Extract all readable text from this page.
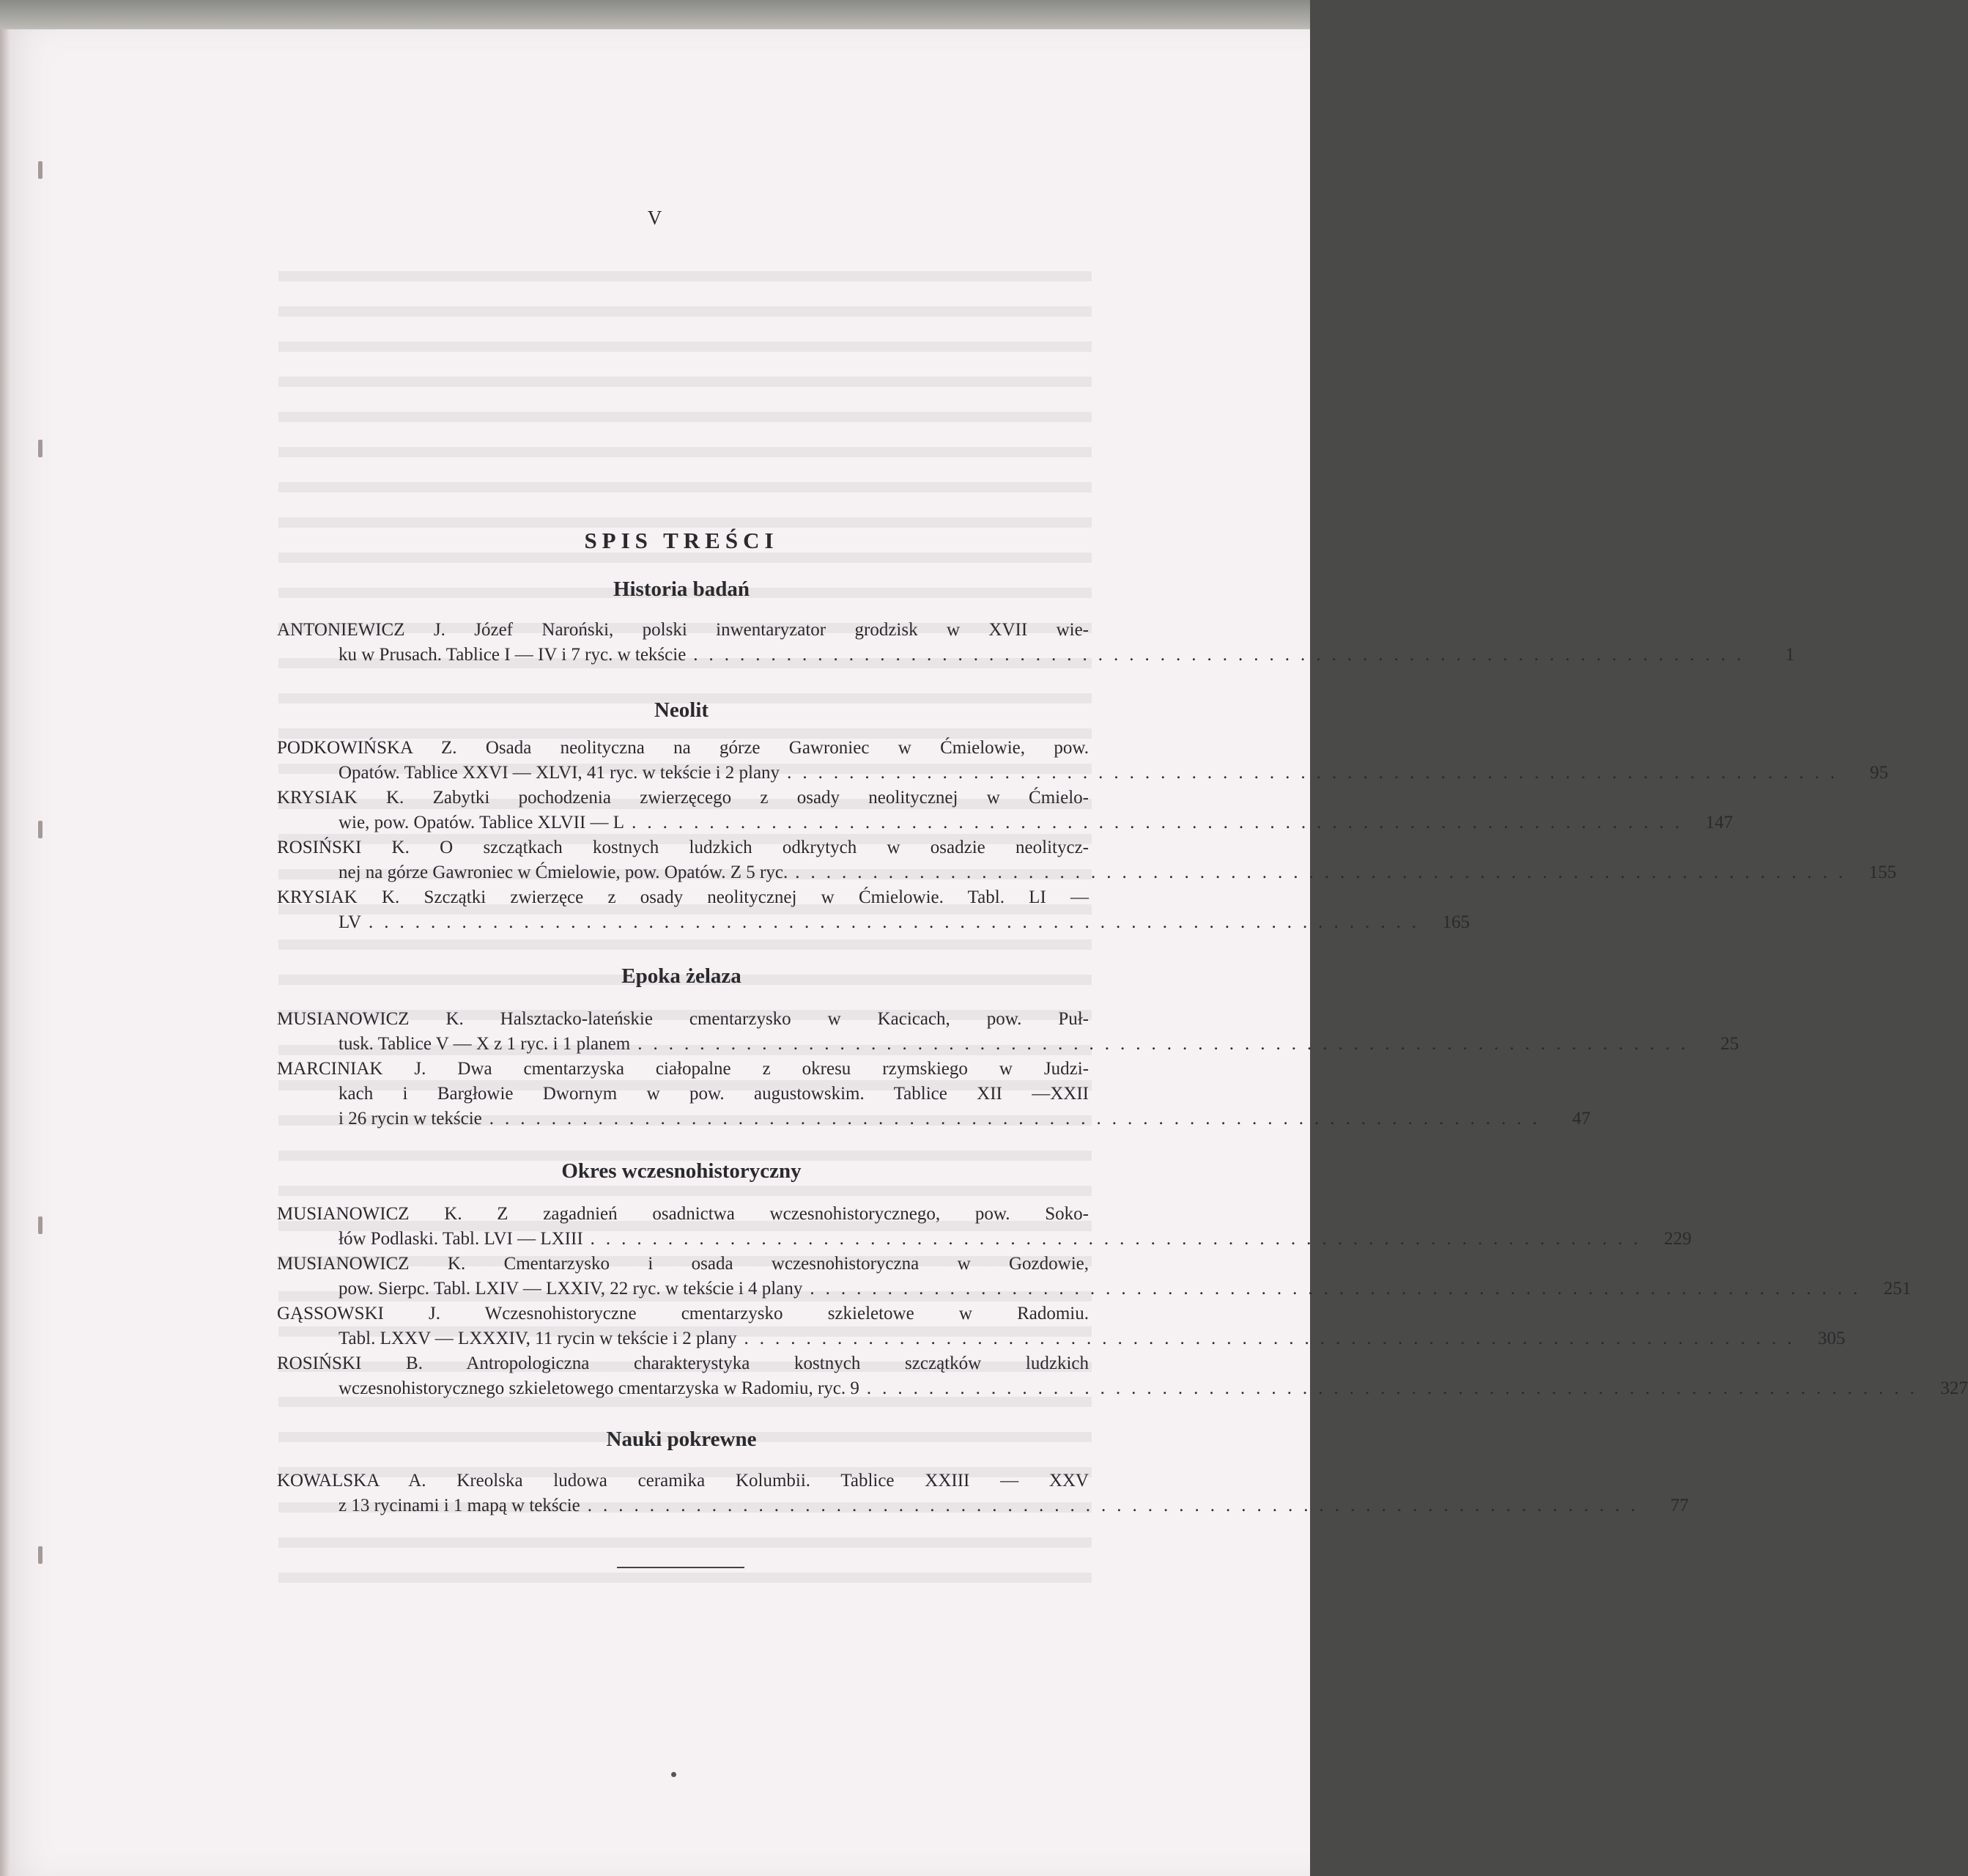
V
SPIS TREŚCI
Historia badań
ANTONIEWICZ J. Józef Naroński, polski inwentaryzator grodzisk w XVII wie-
ku w Prusach. Tablice I — IV i 7 ryc. w tekście ....................................................................	1
Neolit
PODKOWIŃSKA Z. Osada neolityczna na górze Gawroniec w Ćmielowie, pow.
Opatów. Tablice XXVI — XLVI, 41 ryc. w tekście i 2 plany ....................................................................	95
KRYSIAK K. Zabytki pochodzenia zwierzęcego z osady neolitycznej w Ćmielo-
wie, pow. Opatów. Tablice XLVII — L .................................................................... 147
ROSIŃSKI K. O szczątkach kostnych ludzkich odkrytych w osadzie neolitycz-
nej na górze Gawroniec w Ćmielowie, pow. Opatów. Z 5 ryc. .................................................................... 155
KRYSIAK K. Szczątki zwierzęce z osady neolitycznej w Ćmielowie. Tabl. LI —
LV .................................................................... 165
Epoka żelaza
MUSIANOWICZ K. Halsztacko-lateńskie cmentarzysko w Kacicach, pow. Puł-
tusk. Tablice V — X z 1 ryc. i 1 planem ....................................................................	25
MARCINIAK J. Dwa cmentarzyska ciałopalne z okresu rzymskiego w Judzi-
kach i Bargłowie Dwornym w pow. augustowskim. Tablice XII —XXII
i 26 rycin w tekście ....................................................................	47
Okres wczesnohistoryczny
MUSIANOWICZ K. Z zagadnień osadnictwa wczesnohistorycznego, pow. Soko-
łów Podlaski. Tabl. LVI — LXIII .................................................................... 229
MUSIANOWICZ K. Cmentarzysko i osada wczesnohistoryczna w Gozdowie,
pow. Sierpc. Tabl. LXIV — LXXIV, 22 ryc. w tekście i 4 plany .................................................................... 251
GĄSSOWSKI J. Wczesnohistoryczne cmentarzysko szkieletowe w Radomiu.
Tabl. LXXV — LXXXIV, 11 rycin w tekście i 2 plany .................................................................... 305
ROSIŃSKI B. Antropologiczna charakterystyka kostnych szczątków ludzkich
wczesnohistorycznego szkieletowego cmentarzyska w Radomiu, ryc. 9 .................................................................... 327
Nauki pokrewne
KOWALSKA A. Kreolska ludowa ceramika Kolumbii. Tablice XXIII — XXV
z 13 rycinami i 1 mapą w tekście ....................................................................	77
